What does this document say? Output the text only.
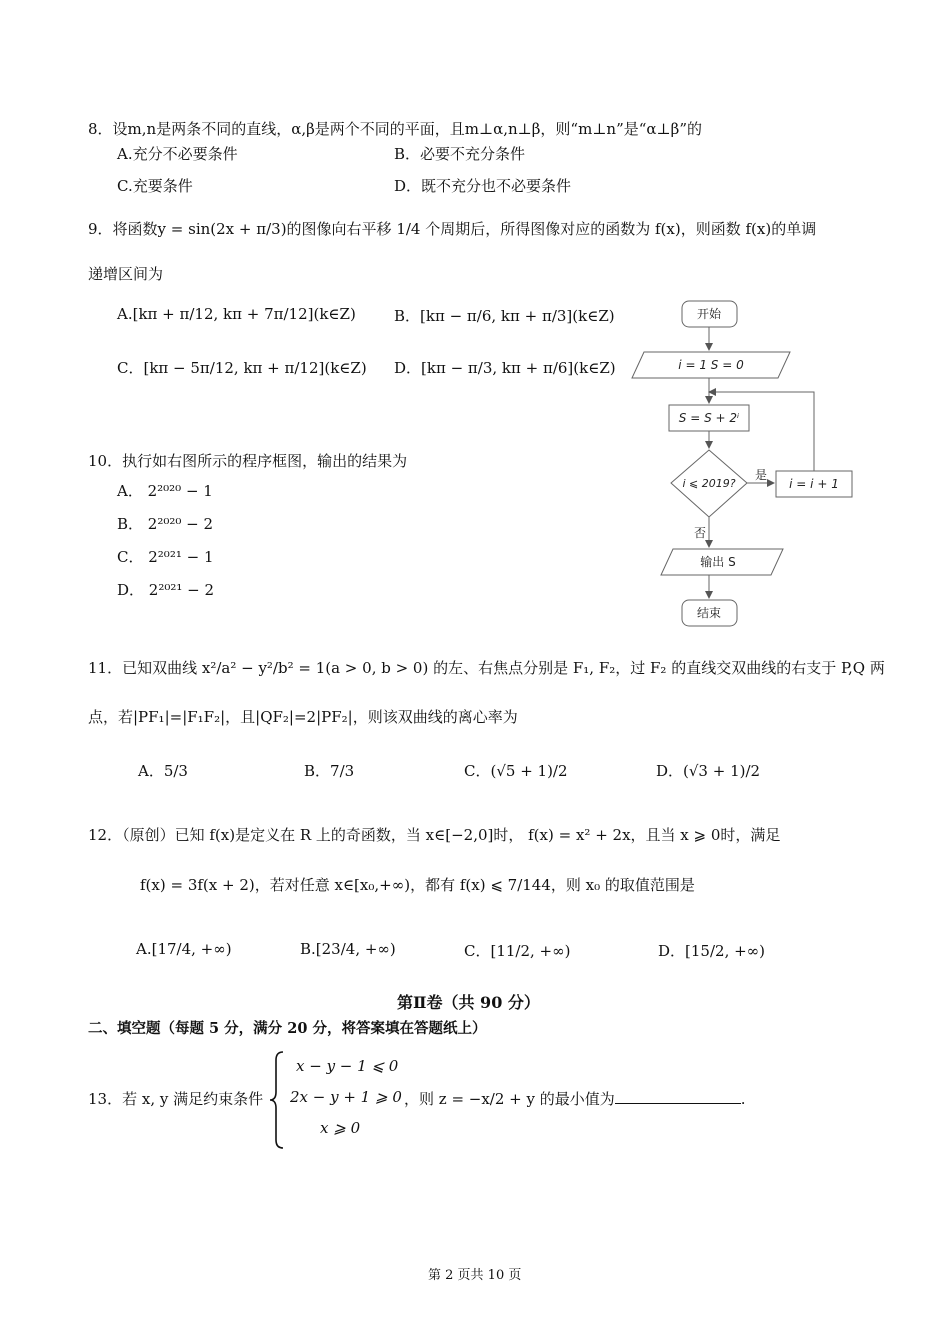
8．设m,n是两条不同的直线，α,β是两个不同的平面，且m⊥α,n⊥β，则“m⊥n”是“α⊥β”的
A.充分不必要条件	B．必要不充分条件
C.充要条件	D．既不充分也不必要条件
9．将函数y = sin(2x + π/3)的图像向右平移 1/4 个周期后，所得图像对应的函数为 f(x)，则函数 f(x)的单调
递增区间为
A.[kπ + π/12, kπ + 7π/12](k∈Z)	B．[kπ − π/6, kπ + π/3](k∈Z)
C．[kπ − 5π/12, kπ + π/12](k∈Z) D．[kπ − π/3, kπ + π/6](k∈Z)
10．执行如右图所示的程序框图，输出的结果为
A． 2²⁰²⁰ − 1
B． 2²⁰²⁰ − 2
C． 2²⁰²¹ − 1
D． 2²⁰²¹ − 2
开始
i = 1 S = 0
S = S + 2ⁱ
i ⩽ 2019?
是
i = i + 1
否
输出 S
结束
11．已知双曲线 x²/a² − y²/b² = 1(a > 0, b > 0) 的左、右焦点分别是 F₁, F₂，过 F₂ 的直线交双曲线的右支于 P,Q 两
点，若|PF₁|=|F₁F₂|，且|QF₂|=2|PF₂|，则该双曲线的离心率为
A．5/3	B．7/3	C．(√5 + 1)/2	D．(√3 + 1)/2
12．（原创）已知 f(x)是定义在 R 上的奇函数，当 x∈[−2,0]时， f(x) = x² + 2x，且当 x ⩾ 0时，满足
f(x) = 3f(x + 2)，若对任意 x∈[x₀,+∞)，都有 f(x) ⩽ 7/144，则 x₀ 的取值范围是
A.[17/4, +∞)	B.[23/4, +∞)	C．[11/2, +∞)	D．[15/2, +∞)
第Ⅱ卷（共 90 分）
二、填空题（每题 5 分，满分 20 分，将答案填在答题纸上）
13．若 x, y 满足约束条件
x − y − 1 ⩽ 0
2x − y + 1 ⩾ 0
x ⩾ 0
，则 z = −x/2 + y 的最小值为	.
第 2 页共 10 页
